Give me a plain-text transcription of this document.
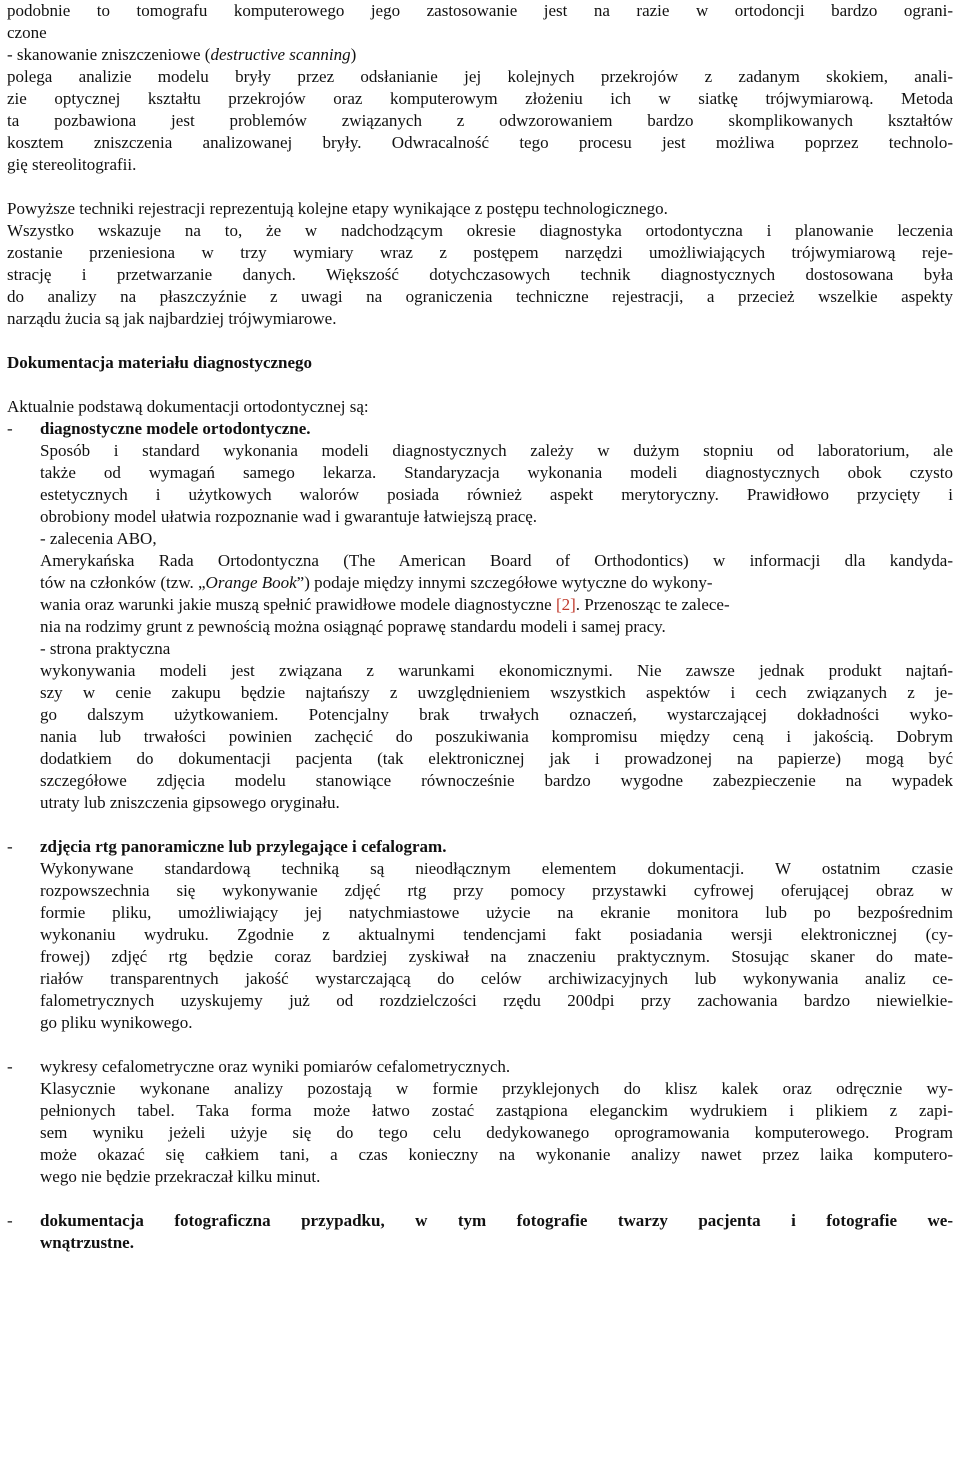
podobnie to tomografu komputerowego jego zastosowanie jest na razie w ortodoncji bardzo ograni-
czone
- skanowanie zniszczeniowe (destructive scanning)
polega analizie modelu bryły przez odsłanianie jej kolejnych przekrojów z zadanym skokiem, anali-
zie optycznej kształtu przekrojów oraz komputerowym złożeniu ich w siatkę trójwymiarową. Metoda
ta pozbawiona jest problemów związanych z odwzorowaniem bardzo skomplikowanych kształtów
kosztem zniszczenia analizowanej bryły. Odwracalność tego procesu jest możliwa poprzez technolo-
gię stereolitografii.
Powyższe techniki rejestracji reprezentują kolejne etapy wynikające z postępu technologicznego.
Wszystko wskazuje na to, że w nadchodzącym okresie diagnostyka ortodontyczna i planowanie leczenia
zostanie przeniesiona w trzy wymiary wraz z postępem narzędzi umożliwiających trójwymiarową reje-
strację i przetwarzanie danych. Większość dotychczasowych technik diagnostycznych dostosowana była
do analizy na płaszczyźnie z uwagi na ograniczenia techniczne rejestracji, a przecież wszelkie aspekty
narządu żucia są jak najbardziej trójwymiarowe.
Dokumentacja materiału diagnostycznego
Aktualnie podstawą dokumentacji ortodontycznej są:
- diagnostyczne modele ortodontyczne.
Sposób i standard wykonania modeli diagnostycznych zależy w dużym stopniu od laboratorium, ale
także od wymagań samego lekarza. Standaryzacja wykonania modeli diagnostycznych obok czysto
estetycznych i użytkowych walorów posiada również aspekt merytoryczny. Prawidłowo przycięty i
obrobiony model ułatwia rozpoznanie wad i gwarantuje łatwiejszą pracę.
- zalecenia ABO,
Amerykańska Rada Ortodontyczna (The American Board of Orthodontics) w informacji dla kandyda-
tów na członków (tzw. „Orange Book”) podaje między innymi szczegółowe wytyczne do wykony-
wania oraz warunki jakie muszą spełnić prawidłowe modele diagnostyczne [2]. Przenosząc te zalece-
nia na rodzimy grunt z pewnością można osiągnąć poprawę standardu modeli i samej pracy.
- strona praktyczna
wykonywania modeli jest związana z warunkami ekonomicznymi. Nie zawsze jednak produkt najtań-
szy w cenie zakupu będzie najtańszy z uwzględnieniem wszystkich aspektów i cech związanych z je-
go dalszym użytkowaniem. Potencjalny brak trwałych oznaczeń, wystarczającej dokładności wyko-
nania lub trwałości powinien zachęcić do poszukiwania kompromisu między ceną i jakością. Dobrym
dodatkiem do dokumentacji pacjenta (tak elektronicznej jak i prowadzonej na papierze) mogą być
szczegółowe zdjęcia modelu stanowiące równocześnie bardzo wygodne zabezpieczenie na wypadek
utraty lub zniszczenia gipsowego oryginału.
- zdjęcia rtg panoramiczne lub przylegające i cefalogram.
Wykonywane standardową techniką są nieodłącznym elementem dokumentacji. W ostatnim czasie
rozpowszechnia się wykonywanie zdjęć rtg przy pomocy przystawki cyfrowej oferującej obraz w
formie pliku, umożliwiający jej natychmiastowe użycie na ekranie monitora lub po bezpośrednim
wykonaniu wydruku. Zgodnie z aktualnymi tendencjami fakt posiadania wersji elektronicznej (cy-
frowej) zdjęć rtg będzie coraz bardziej zyskiwał na znaczeniu praktycznym. Stosując skaner do mate-
riałów transparentnych jakość wystarczającą do celów archiwizacyjnych lub wykonywania analiz ce-
falometrycznych uzyskujemy już od rozdzielczości rzędu 200dpi przy zachowania bardzo niewielkie-
go pliku wynikowego.
- wykresy cefalometryczne oraz wyniki pomiarów cefalometrycznych.
Klasycznie wykonane analizy pozostają w formie przyklejonych do klisz kalek oraz odręcznie wy-
pełnionych tabel. Taka forma może łatwo zostać zastąpiona eleganckim wydrukiem i plikiem z zapi-
sem wyniku jeżeli użyje się do tego celu dedykowanego oprogramowania komputerowego. Program
może okazać się całkiem tani, a czas konieczny na wykonanie analizy nawet przez laika komputero-
wego nie będzie przekraczał kilku minut.
- dokumentacja fotograficzna przypadku, w tym fotografie twarzy pacjenta i fotografie we-
wnątrzustne.
